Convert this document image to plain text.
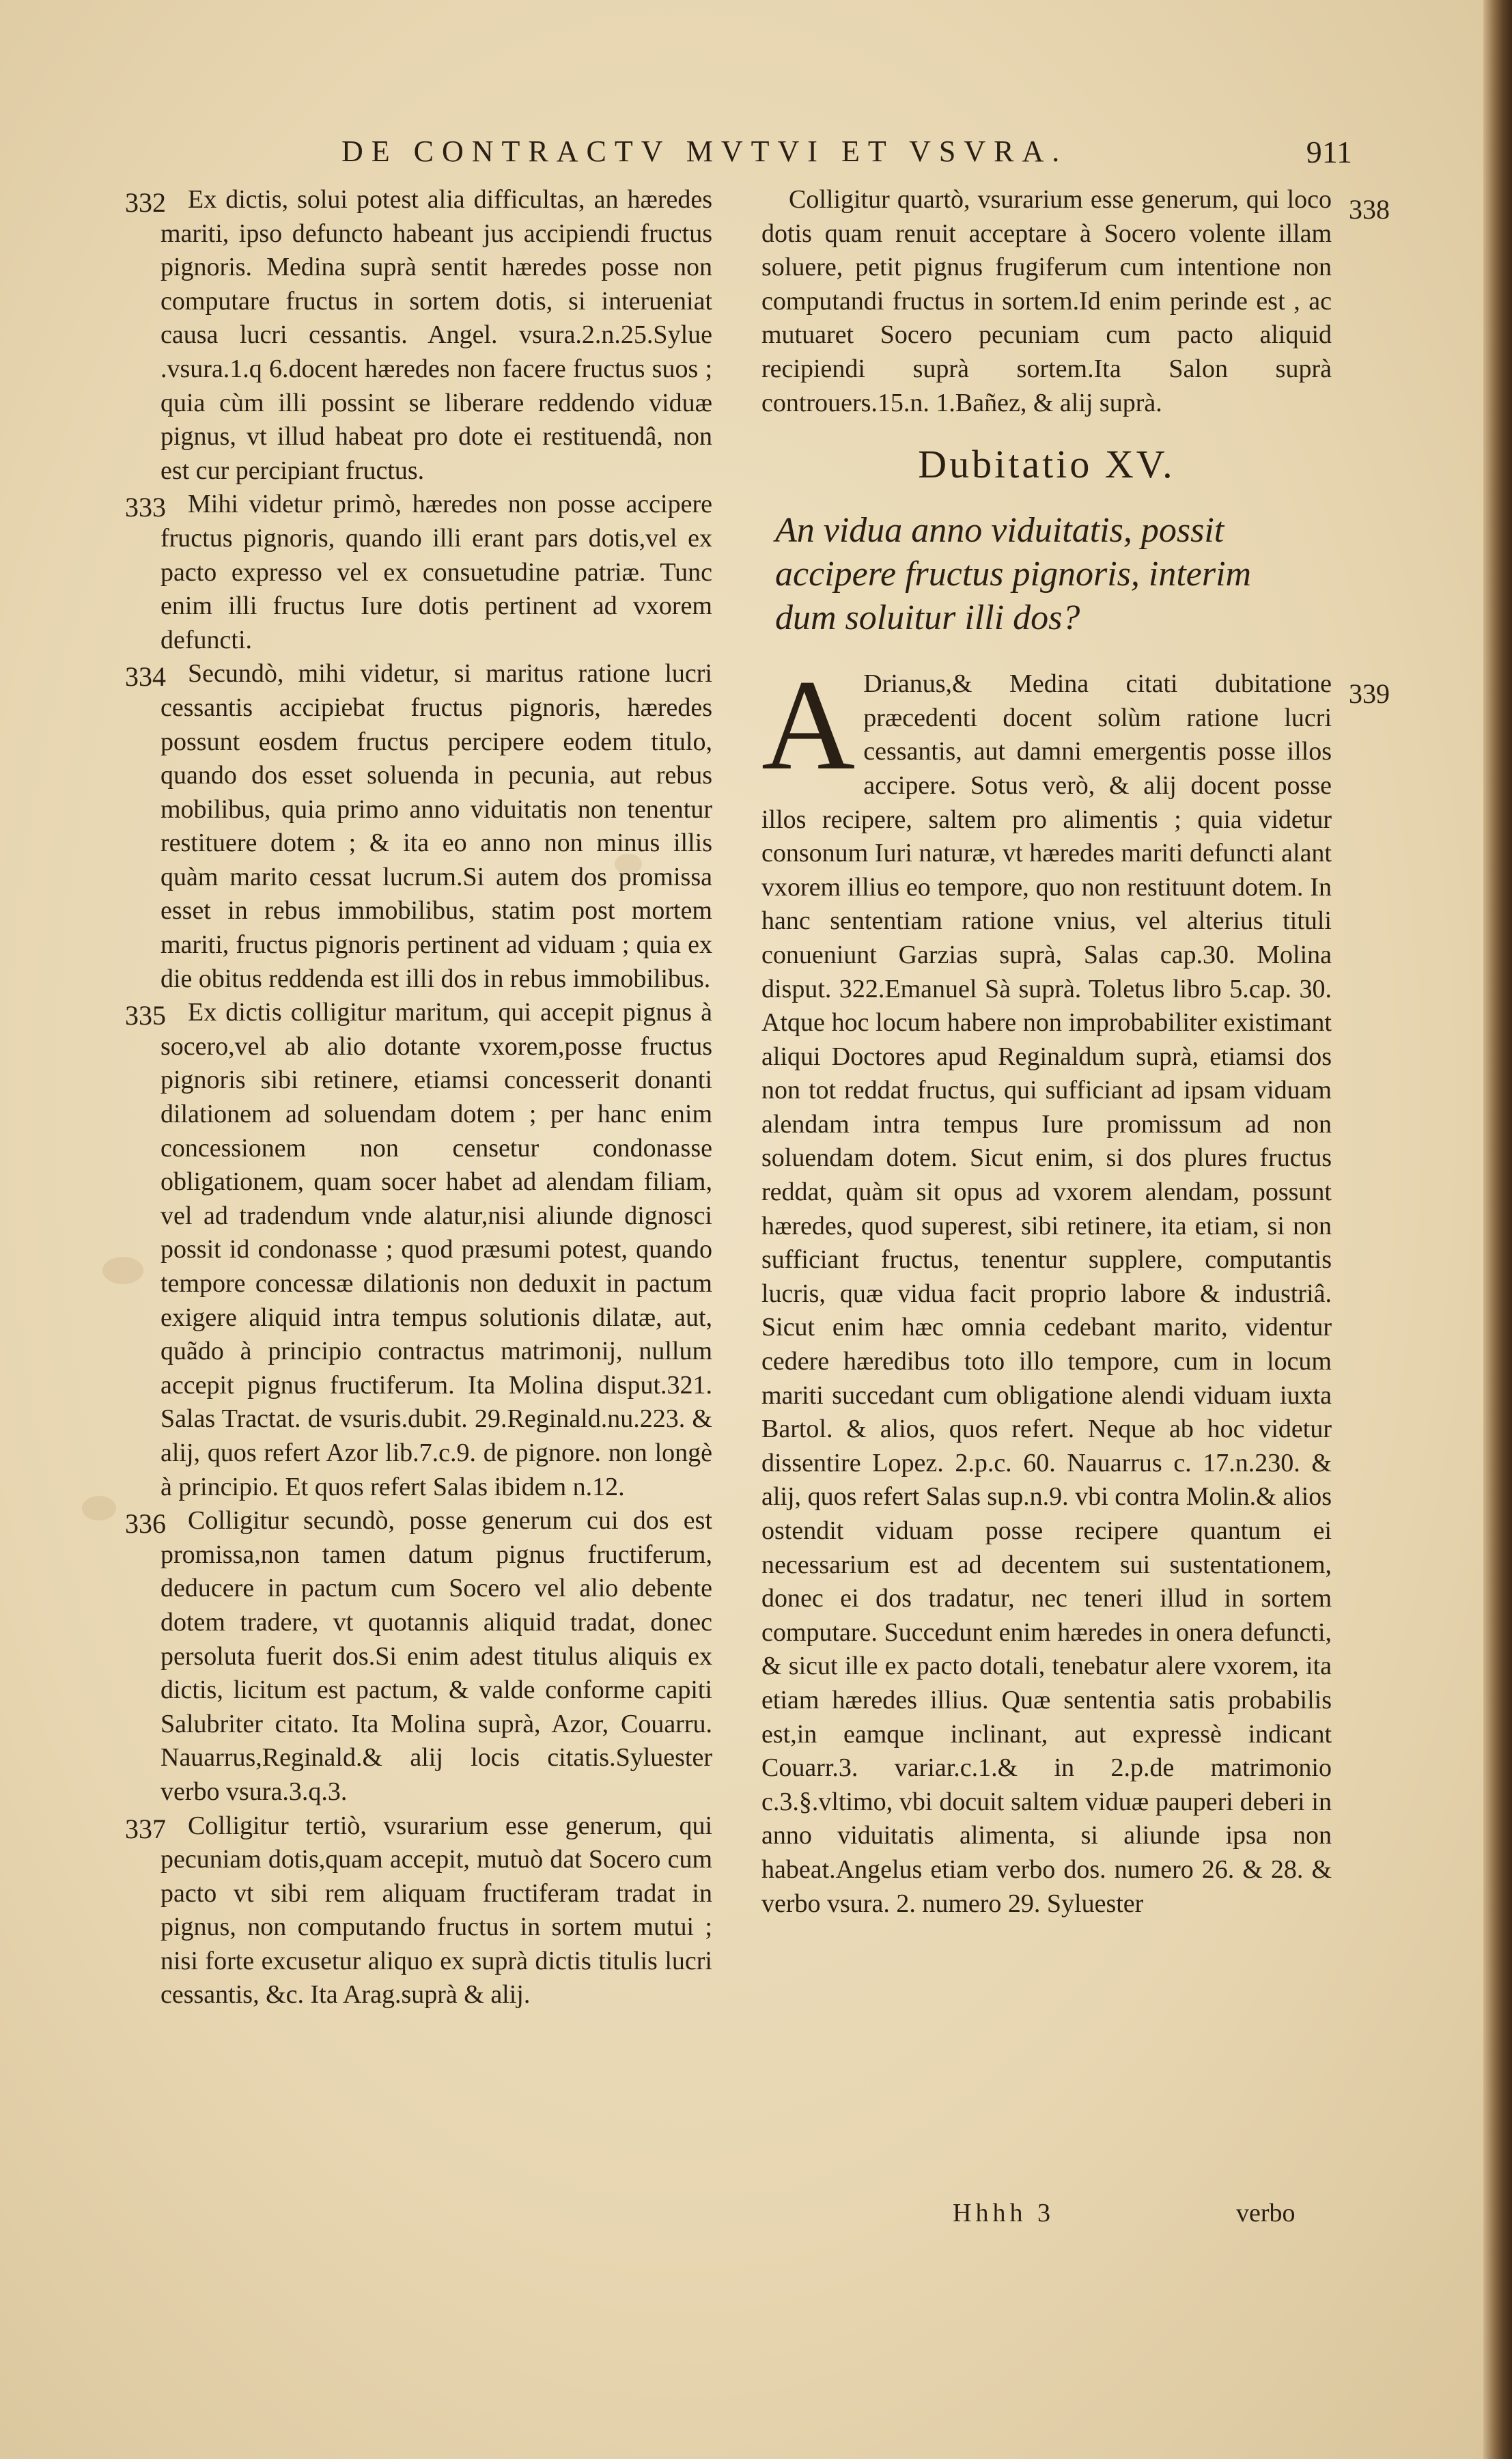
DE CONTRACTV MVTVI ET VSVRA.	911

332 Ex dictis, solui potest alia difficultas, an hæredes mariti, ipso defuncto habeant jus accipiendi fructus pignoris. Medina suprà sentit hæredes posse non computare fructus in sortem dotis, si interueniat causa lucri cessantis. Angel. vsura.2.n.25.Sylue .vsura.1.q 6.docent hæredes non facere fructus suos ; quia cùm illi possint se liberare reddendo viduæ pignus, vt illud habeat pro dote ei restituendâ, non est cur percipiant fructus.

333 Mihi videtur primò, hæredes non posse accipere fructus pignoris, quando illi erant pars dotis,vel ex pacto expresso vel ex consuetudine patriæ. Tunc enim illi fructus Iure dotis pertinent ad vxorem defuncti.

334 Secundò, mihi videtur, si maritus ratione lucri cessantis accipiebat fructus pignoris, hæredes possunt eosdem fructus percipere eodem titulo, quando dos esset soluenda in pecunia, aut rebus mobilibus, quia primo anno viduitatis non tenentur restituere dotem ; & ita eo anno non minus illis quàm marito cessat lucrum.Si autem dos promissa esset in rebus immobilibus, statim post mortem mariti, fructus pignoris pertinent ad viduam ; quia ex die obitus reddenda est illi dos in rebus immobilibus.

335 Ex dictis colligitur maritum, qui accepit pignus à socero,vel ab alio dotante vxorem,posse fructus pignoris sibi retinere, etiamsi concesserit donanti dilationem ad soluendam dotem ; per hanc enim concessionem non censetur condonasse obligationem, quam socer habet ad alendam filiam, vel ad tradendum vnde alatur,nisi aliunde dignosci possit id condonasse ; quod præsumi potest, quando tempore concessæ dilationis non deduxit in pactum exigere aliquid intra tempus solutionis dilatæ, aut, quãdo à principio contractus matrimonij, nullum accepit pignus fructiferum. Ita Molina disput.321. Salas Tractat. de vsuris.dubit. 29.Reginald.nu.223. & alij, quos refert Azor lib.7.c.9. de pignore. non longè à principio. Et quos refert Salas ibidem n.12.

336 Colligitur secundò, posse generum cui dos est promissa,non tamen datum pignus fructiferum, deducere in pactum cum Socero vel alio debente dotem tradere, vt quotannis aliquid tradat, donec persoluta fuerit dos.Si enim adest titulus aliquis ex dictis, licitum est pactum, & valde conforme capiti Salubriter citato. Ita Molina suprà, Azor, Couarru. Nauarrus,Reginald.& alij locis citatis.Syluester verbo vsura.3.q.3.

337 Colligitur tertiò, vsurarium esse generum, qui pecuniam dotis,quam accepit, mutuò dat Socero cum pacto vt sibi rem aliquam fructiferam tradat in pignus, non computando fructus in sortem mutui ; nisi forte excusetur aliquo ex suprà dictis titulis lucri cessantis, &c. Ita Arag.suprà & alij.

338
Colligitur quartò, vsurarium esse generum, qui loco dotis quam renuit acceptare à Socero volente illam soluere, petit pignus frugiferum cum intentione non computandi fructus in sortem.Id enim perinde est , ac mutuaret Socero pecuniam cum pacto aliquid recipiendi suprà sortem.Ita Salon suprà controuers.15.n. 1.Bañez, & alij suprà.

Dubitatio XV.
An vidua anno viduitatis, possit accipere fructus pignoris, interim dum soluitur illi dos?

339
A Drianus,& Medina citati dubitatione præcedenti docent solùm ratione lucri cessantis, aut damni emergentis posse illos accipere. Sotus verò, & alij docent posse illos recipere, saltem pro alimentis ; quia videtur consonum Iuri naturæ, vt hæredes mariti defuncti alant vxorem illius eo tempore, quo non restituunt dotem. In hanc sententiam ratione vnius, vel alterius tituli conueniunt Garzias suprà, Salas cap.30. Molina disput. 322.Emanuel Sà suprà. Toletus libro 5.cap. 30. Atque hoc locum habere non improbabiliter existimant aliqui Doctores apud Reginaldum suprà, etiamsi dos non tot reddat fructus, qui sufficiant ad ipsam viduam alendam intra tempus Iure promissum ad non soluendam dotem. Sicut enim, si dos plures fructus reddat, quàm sit opus ad vxorem alendam, possunt hæredes, quod superest, sibi retinere, ita etiam, si non sufficiant fructus, tenentur supplere, computantis lucris, quæ vidua facit proprio labore & industriâ. Sicut enim hæc omnia cedebant marito, videntur cedere hæredibus toto illo tempore, cum in locum mariti succedant cum obligatione alendi viduam iuxta Bartol. & alios, quos refert. Neque ab hoc videtur dissentire Lopez. 2.p.c. 60. Nauarrus c. 17.n.230. & alij, quos refert Salas sup.n.9. vbi contra Molin.& alios ostendit viduam posse recipere quantum ei necessarium est ad decentem sui sustentationem, donec ei dos tradatur, nec teneri illud in sortem computare. Succedunt enim hæredes in onera defuncti, & sicut ille ex pacto dotali, tenebatur alere vxorem, ita etiam hæredes illius. Quæ sententia satis probabilis est,in eamque inclinant, aut expressè indicant Couarr.3. variar.c.1.& in 2.p.de matrimonio c.3.§.vltimo, vbi docuit saltem viduæ pauperi deberi in anno viduitatis alimenta, si aliunde ipsa non habeat.Angelus etiam verbo dos. numero 26. & 28. & verbo vsura. 2. numero 29. Syluester

Hhhh 3	verbo
